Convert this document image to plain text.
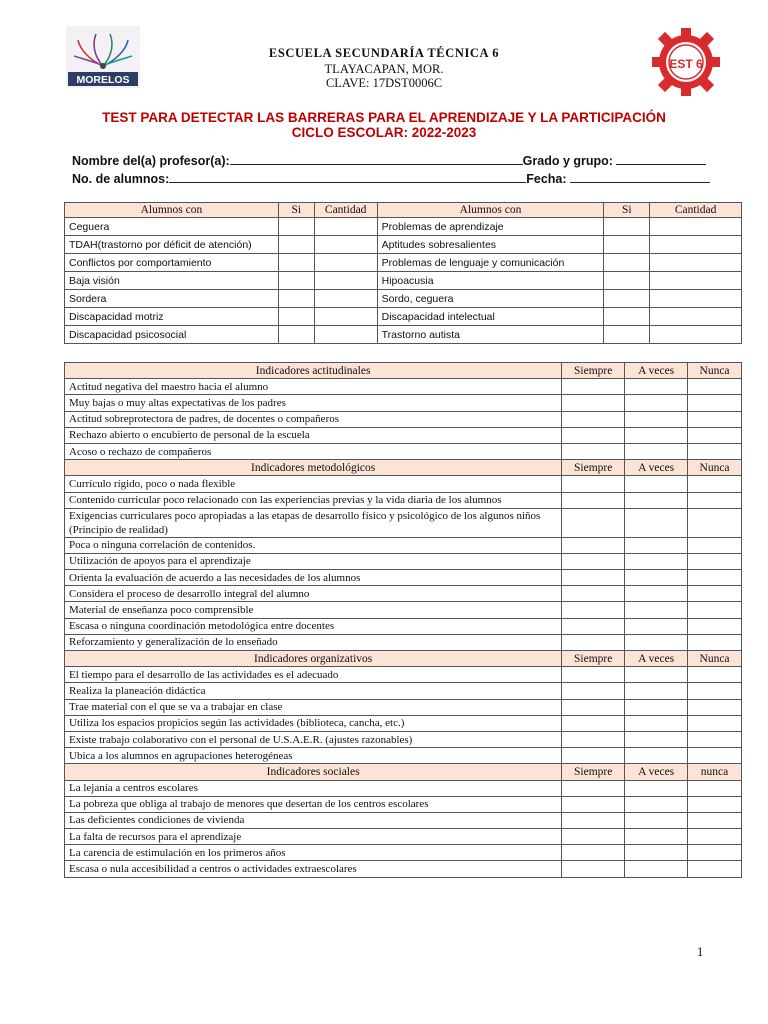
MORELOS
EST 6
ESCUELA SECUNDARÍA TÉCNICA 6
TLAYACAPAN, MOR.
CLAVE: 17DST0006C
TEST PARA DETECTAR LAS BARRERAS PARA EL APRENDIZAJE Y LA PARTICIPACIÓN
CICLO ESCOLAR: 2022-2023
Nombre del(a) profesor(a):	Grado y grupo:
No. de alumnos:	Fecha:
Alumnos con	Si	Cantidad	Alumnos con	Si	Cantidad
Ceguera			Problemas de aprendizaje		
TDAH(trastorno por déficit de atención)			Aptitudes sobresalientes		
Conflictos por comportamiento			Problemas de lenguaje y comunicación		
Baja visión			Hipoacusia		
Sordera			Sordo, ceguera		
Discapacidad motriz			Discapacidad intelectual		
Discapacidad psicosocial			Trastorno autista		
Indicadores actitudinales	Siempre	A veces	Nunca
Actitud negativa del maestro hacia el alumno			
Muy bajas o muy altas expectativas de los padres			
Actitud sobreprotectora de padres, de docentes o compañeros			
Rechazo abierto o encubierto de personal de la escuela			
Acoso o rechazo de compañeros			
Indicadores metodológicos	Siempre	A veces	Nunca
Currículo rígido, poco o nada flexible			
Contenido curricular poco relacionado con las experiencias previas y la vida diaria de los alumnos			
Exigencias curriculares poco apropiadas a las etapas de desarrollo físico y psicológico de los algunos niños (Principio de realidad)			
Poca o ninguna correlación de contenidos.			
Utilización de apoyos para el aprendizaje			
Orienta la evaluación de acuerdo a las necesidades de los alumnos			
Considera el proceso de desarrollo integral del alumno			
Material de enseñanza poco comprensible			
Escasa o ninguna coordinación metodológica entre docentes			
Reforzamiento y generalización de lo enseñado			
Indicadores organizativos	Siempre	A veces	Nunca
El tiempo para el desarrollo de las actividades es el adecuado			
Realiza la planeación didáctica			
Trae material con el que se va a trabajar en clase			
Utiliza los espacios propicios según las actividades (biblioteca, cancha, etc.)			
Existe trabajo colaborativo con el personal de U.S.A.E.R. (ajustes razonables)			
Ubica a los alumnos en agrupaciones heterogéneas			
Indicadores sociales	Siempre	A veces	nunca
La lejanía a centros escolares			
La pobreza que obliga al trabajo de menores que desertan de los centros escolares			
Las deficientes condiciones de vivienda			
La falta de recursos para el aprendizaje			
La carencia de estimulación en los primeros años			
Escasa o nula accesibilidad a centros o actividades extraescolares			
1
